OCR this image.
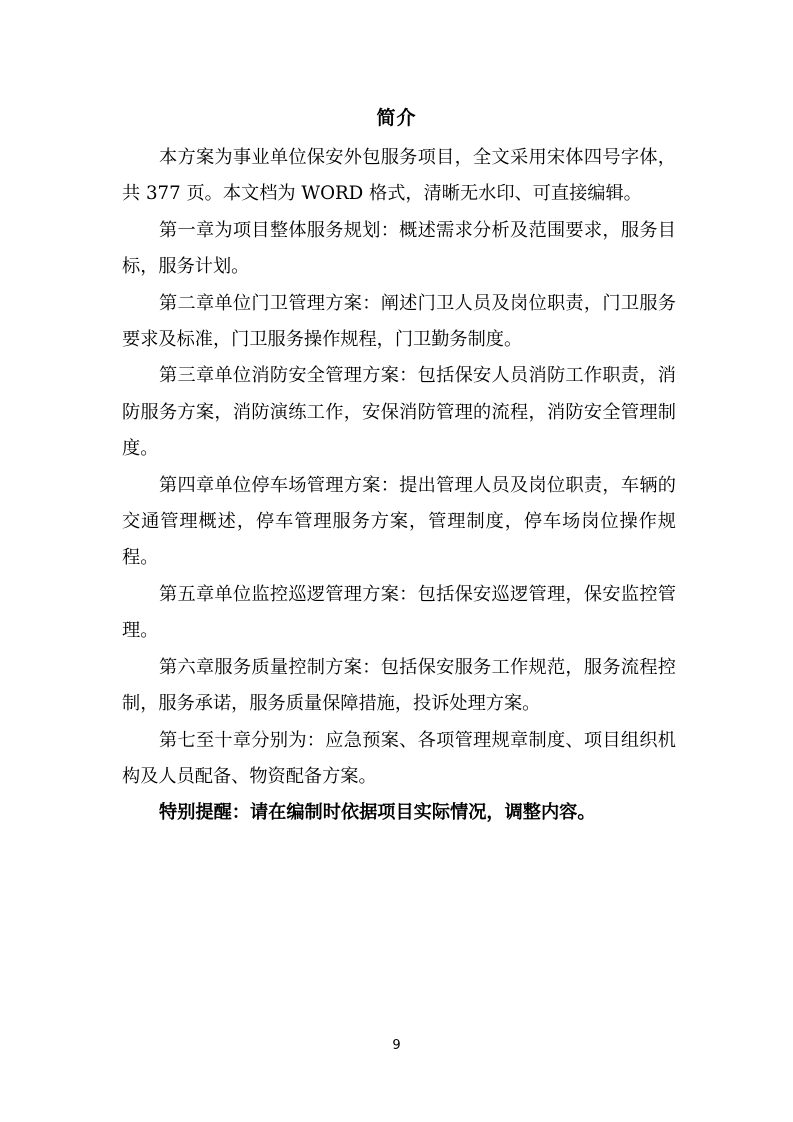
简介

本方案为事业单位保安外包服务项目，全文采用宋体四号字体，共 377 页。本文档为 WORD 格式，清晰无水印、可直接编辑。

第一章为项目整体服务规划：概述需求分析及范围要求，服务目标，服务计划。

第二章单位门卫管理方案：阐述门卫人员及岗位职责，门卫服务要求及标准，门卫服务操作规程，门卫勤务制度。

第三章单位消防安全管理方案：包括保安人员消防工作职责，消防服务方案，消防演练工作，安保消防管理的流程，消防安全管理制度。

第四章单位停车场管理方案：提出管理人员及岗位职责，车辆的交通管理概述，停车管理服务方案，管理制度，停车场岗位操作规程。

第五章单位监控巡逻管理方案：包括保安巡逻管理，保安监控管理。

第六章服务质量控制方案：包括保安服务工作规范，服务流程控制，服务承诺，服务质量保障措施，投诉处理方案。

第七至十章分别为：应急预案、各项管理规章制度、项目组织机构及人员配备、物资配备方案。

特别提醒：请在编制时依据项目实际情况，调整内容。

9
